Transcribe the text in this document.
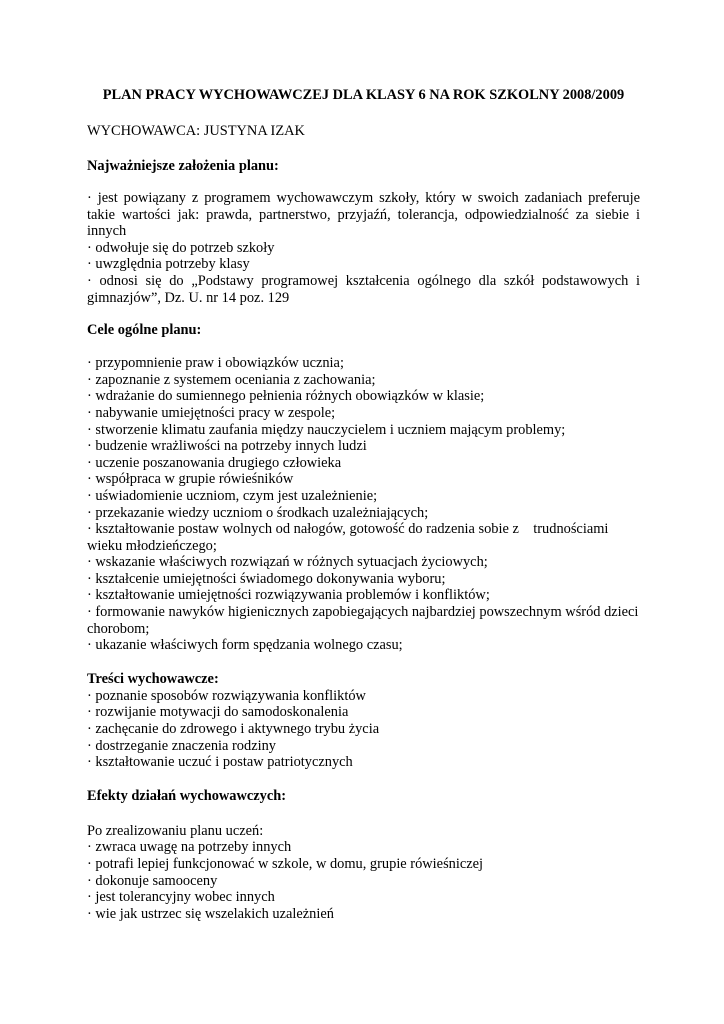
PLAN PRACY WYCHOWAWCZEJ DLA KLASY 6 NA ROK SZKOLNY 2008/2009

WYCHOWAWCA: JUSTYNA IZAK

Najważniejsze założenia planu:

· jest powiązany z programem wychowawczym szkoły, który w swoich zadaniach preferuje takie wartości jak: prawda, partnerstwo, przyjaźń, tolerancja, odpowiedzialność za siebie i innych
· odwołuje się do potrzeb szkoły
· uwzględnia potrzeby klasy
· odnosi się do „Podstawy programowej kształcenia ogólnego dla szkół podstawowych i gimnazjów”, Dz. U. nr 14 poz. 129

Cele ogólne planu:

· przypomnienie praw i obowiązków ucznia;
· zapoznanie z systemem oceniania z zachowania;
· wdrażanie do sumiennego pełnienia różnych obowiązków w klasie;
· nabywanie umiejętności pracy w zespole;
· stworzenie klimatu zaufania między nauczycielem i uczniem mającym problemy;
· budzenie wrażliwości na potrzeby innych ludzi
· uczenie poszanowania drugiego człowieka
· współpraca w grupie rówieśników
· uświadomienie uczniom, czym jest uzależnienie;
· przekazanie wiedzy uczniom o środkach uzależniających;
· kształtowanie postaw wolnych od nałogów, gotowość do radzenia sobie z    trudnościami wieku młodzieńczego;
· wskazanie właściwych rozwiązań w różnych sytuacjach życiowych;
· kształcenie umiejętności świadomego dokonywania wyboru;
· kształtowanie umiejętności rozwiązywania problemów i konfliktów;
· formowanie nawyków higienicznych zapobiegających najbardziej powszechnym wśród dzieci chorobom;
· ukazanie właściwych form spędzania wolnego czasu;

Treści wychowawcze:

· poznanie sposobów rozwiązywania konfliktów
· rozwijanie motywacji do samodoskonalenia
· zachęcanie do zdrowego i aktywnego trybu życia
· dostrzeganie znaczenia rodziny
· kształtowanie uczuć i postaw patriotycznych

Efekty działań wychowawczych:

Po zrealizowaniu planu uczeń:
· zwraca uwagę na potrzeby innych
· potrafi lepiej funkcjonować w szkole, w domu, grupie rówieśniczej
· dokonuje samooceny
· jest tolerancyjny wobec innych
· wie jak ustrzec się wszelakich uzależnień
